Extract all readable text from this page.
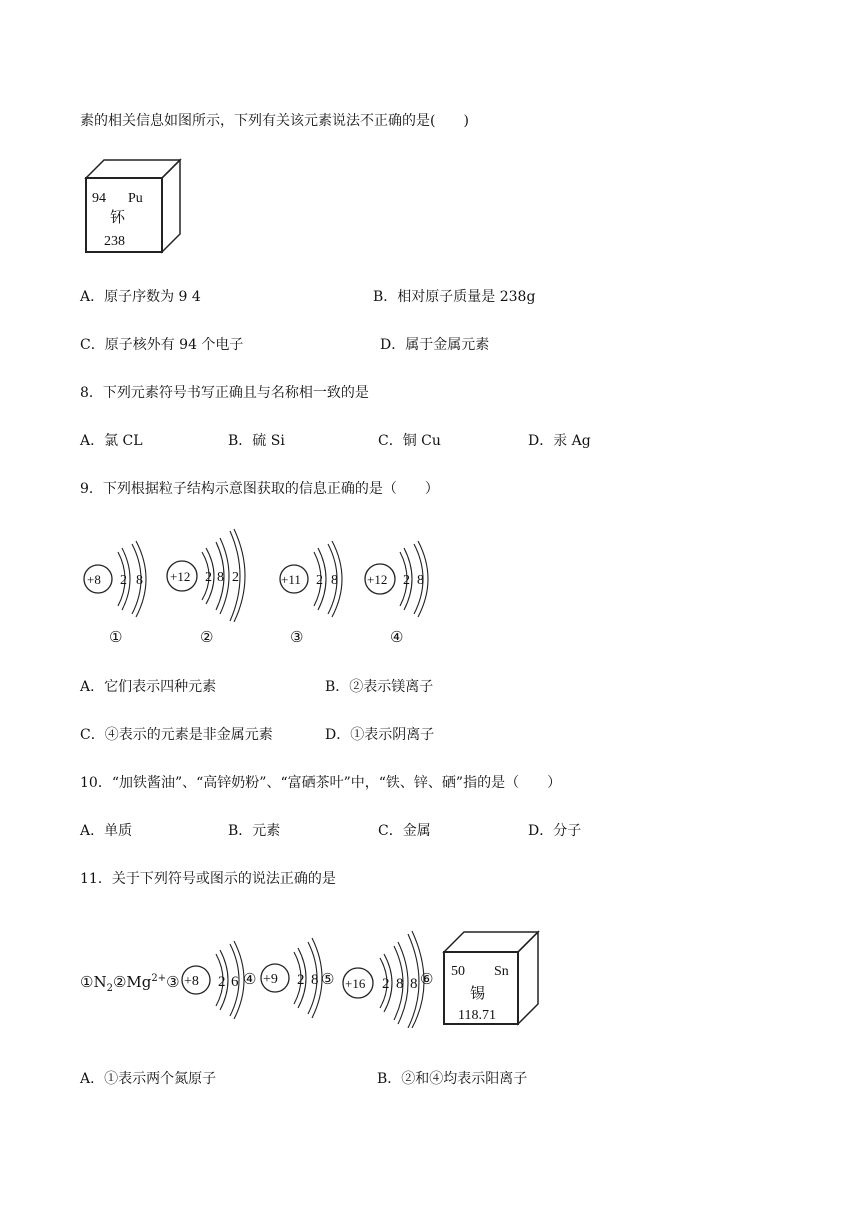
素的相关信息如图所示，下列有关该元素说法不正确的是(　　)
94 Pu
钚
238
A．原子序数为 9 4	B．相对原子质量是 238g
C．原子核外有 94 个电子	D．属于金属元素
8．下列元素符号书写正确且与名称相一致的是
A．氯 CL	B．硫 Si	C．铜 Cu	D．汞 Ag
9．下列根据粒子结构示意图获取的信息正确的是（　　）
+8 2 8
①
+12 2 8 2
②
+11 2 8
③
+12 2 8
④
A．它们表示四种元素	B．②表示镁离子
C．④表示的元素是非金属元素	D．①表示阴离子
10．“加铁酱油”、“高锌奶粉”、“富硒茶叶”中，“铁、锌、硒”指的是（　　）
A．单质	B．元素	C．金属	D．分子
11．关于下列符号或图示的说法正确的是
$①N_2②Mg^{2+}③ +8$ 2 6 ④ +9 2 8 ⑤ +16 2 8 8 ⑥ 50 Sn
锡
118.71
A．①表示两个氮原子	B．②和④均表示阳离子
